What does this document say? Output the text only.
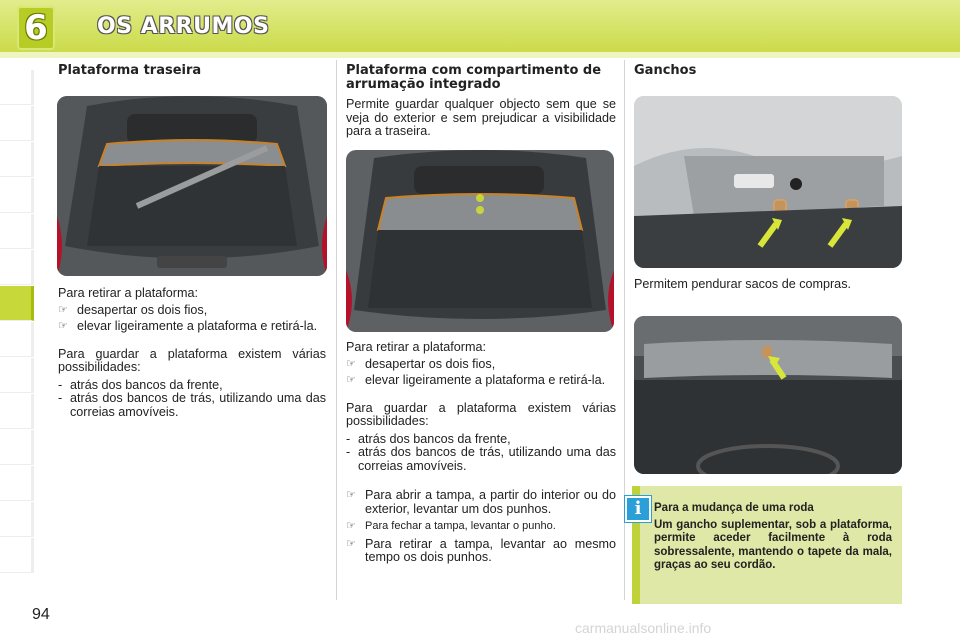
6	OS ARRUMOS
Plataforma traseira

Para retirar a plataforma:

☞ desapertar os dois fios,
☞ elevar ligeiramente a plataforma e retirá-la.

Para guardar a plataforma existem várias possibilidades:

- atrás dos bancos da frente,
- atrás dos bancos de trás, utilizando uma das correias amovíveis.
Plataforma com compartimento de arrumação integrado

Permite guardar qualquer objecto sem que se veja do exterior e sem prejudicar a visibilidade para a traseira.

Para retirar a plataforma:

☞ desapertar os dois fios,
☞ elevar ligeiramente a plataforma e retirá-la.

Para guardar a plataforma existem várias possibilidades:

- atrás dos bancos da frente,
- atrás dos bancos de trás, utilizando uma das correias amovíveis.
☞ Para abrir a tampa, a partir do interior ou do exterior, levantar um dos punhos.
☞ Para fechar a tampa, levantar o punho.
☞ Para retirar a tampa, levantar ao mesmo tempo os dois punhos.
Ganchos

Permitem pendurar sacos de compras.

Para a mudança de uma roda
Um gancho suplementar, sob a plataforma, permite aceder facilmente à roda sobressalente, mantendo o tapete da mala, graças ao seu cordão.
i
94
carmanualsonline.info
